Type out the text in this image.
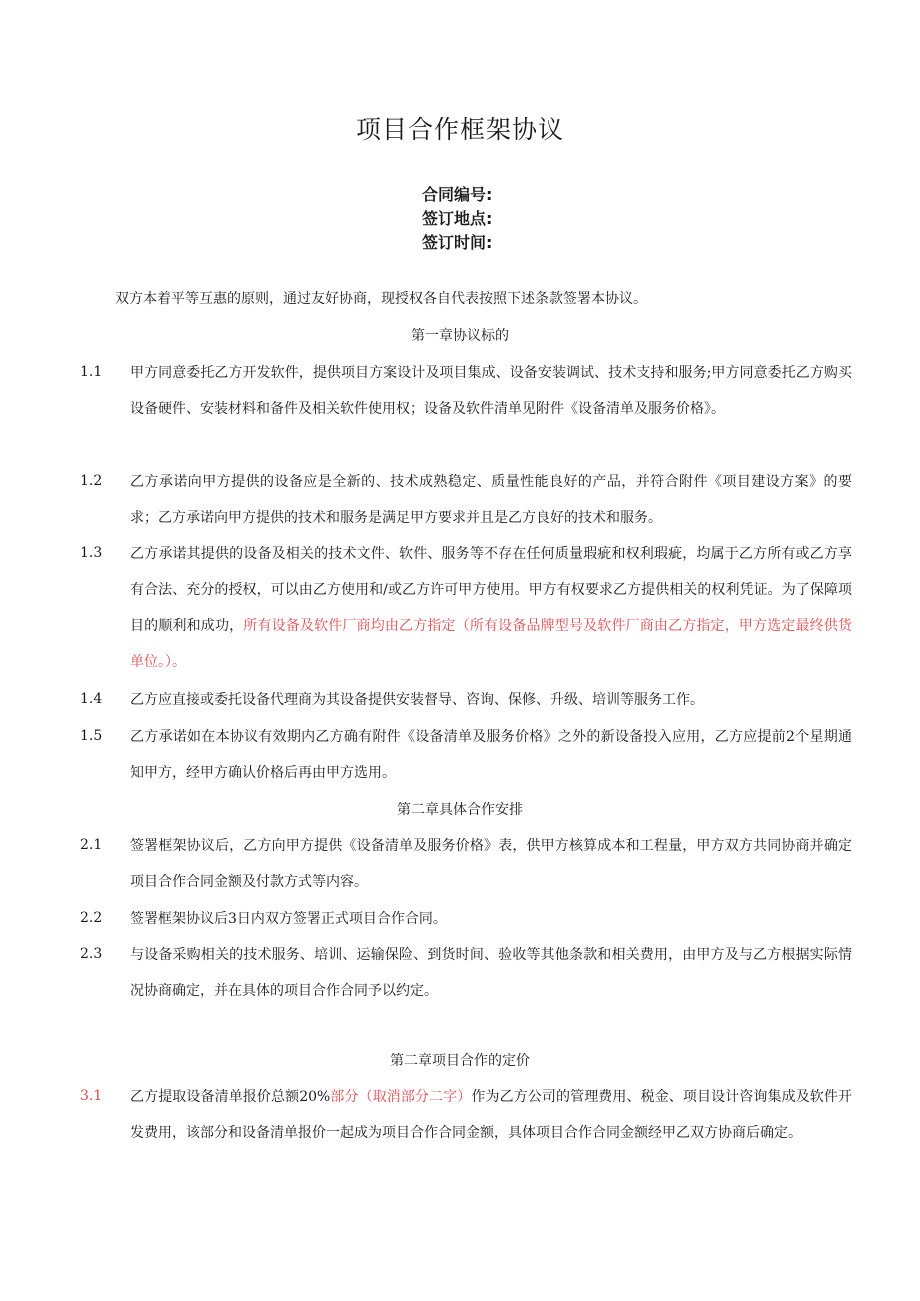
项目合作框架协议
合同编号:
签订地点:
签订时间:
双方本着平等互惠的原则，通过友好协商，现授权各自代表按照下述条款签署本协议。
第一章协议标的
1.1	甲方同意委托乙方开发软件，提供项目方案设计及项目集成、设备安装调试、技术支持和服务;甲方同意委托乙方购买设备硬件、安装材料和备件及相关软件使用权；设备及软件清单见附件《设备清单及服务价格》。
1.2	乙方承诺向甲方提供的设备应是全新的、技术成熟稳定、质量性能良好的产品，并符合附件《项目建设方案》的要求；乙方承诺向甲方提供的技术和服务是满足甲方要求并且是乙方良好的技术和服务。
1.3	乙方承诺其提供的设备及相关的技术文件、软件、服务等不存在任何质量瑕疵和权利瑕疵，均属于乙方所有或乙方享有合法、充分的授权，可以由乙方使用和/或乙方许可甲方使用。甲方有权要求乙方提供相关的权利凭证。为了保障项目的顺利和成功，所有设备及软件厂商均由乙方指定（所有设备品牌型号及软件厂商由乙方指定，甲方选定最终供货单位。）。
1.4	乙方应直接或委托设备代理商为其设备提供安装督导、咨询、保修、升级、培训等服务工作。
1.5	乙方承诺如在本协议有效期内乙方确有附件《设备清单及服务价格》之外的新设备投入应用，乙方应提前2个星期通知甲方，经甲方确认价格后再由甲方选用。
第二章具体合作安排
2.1	签署框架协议后，乙方向甲方提供《设备清单及服务价格》表，供甲方核算成本和工程量，甲方双方共同协商并确定项目合作合同金额及付款方式等内容。
2.2	签署框架协议后3日内双方签署正式项目合作合同。
2.3	与设备采购相关的技术服务、培训、运输保险、到货时间、验收等其他条款和相关费用，由甲方及与乙方根据实际情况协商确定，并在具体的项目合作合同予以约定。
第二章项目合作的定价
3.1	乙方提取设备清单报价总额20%部分（取消部分二字）作为乙方公司的管理费用、税金、项目设计咨询集成及软件开发费用，该部分和设备清单报价一起成为项目合作合同金额，具体项目合作合同金额经甲乙双方协商后确定。
